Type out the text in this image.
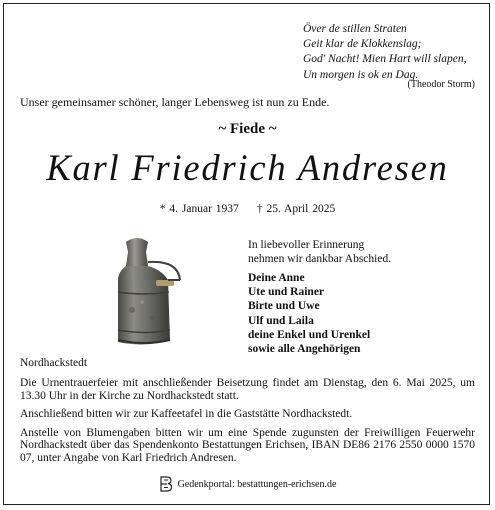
Över de stillen Straten
Geit klar de Klokkenslag;
God' Nacht! Mien Hart will slapen,
Un morgen is ok en Dag.
(Theodor Storm)
Unser gemeinsamer schöner, langer Lebensweg ist nun zu Ende.
~ Fiede ~
Karl Friedrich Andresen
* 4. Januar 1937 † 25. April 2025
In liebevoller Erinnerung
nehmen wir dankbar Abschied.
Deine Anne
Ute und Rainer
Birte und Uwe
Ulf und Laila
deine Enkel und Urenkel
sowie alle Angehörigen
Nordhackstedt

Die Urnentrauerfeier mit anschließender Beisetzung findet am Dienstag, den 6. Mai 2025, um 13.30 Uhr in der Kirche zu Nordhackstedt statt.

Anschließend bitten wir zur Kaffeetafel in die Gaststätte Nordhackstedt.

Anstelle von Blumengaben bitten wir um eine Spende zugunsten der Freiwilligen Feuerwehr Nordhackstedt über das Spendenkonto Bestattungen Erichsen, IBAN DE86 2176 2550 0000 1570 07, unter Angabe von Karl Friedrich Andresen.

Gedenkportal: bestattungen-erichsen.de
